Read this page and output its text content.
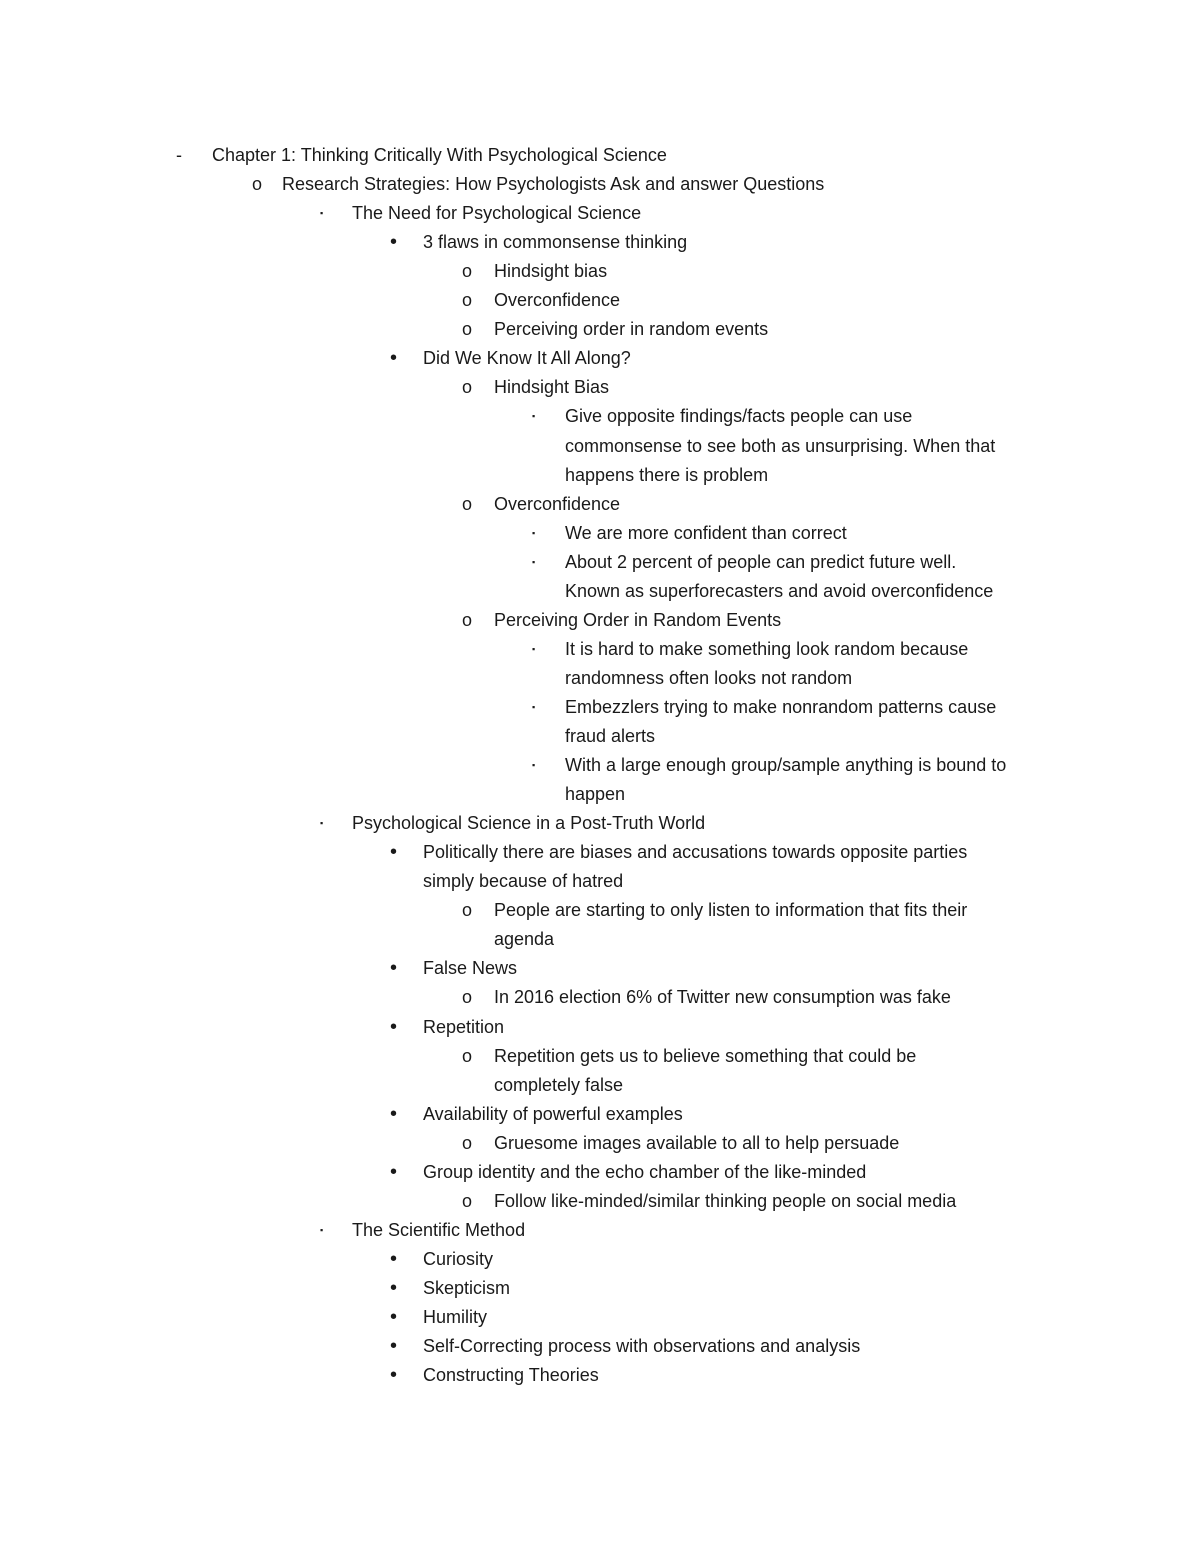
- Chapter 1: Thinking Critically With Psychological Science
o Research Strategies: How Psychologists Ask and answer Questions
▪ The Need for Psychological Science
• 3 flaws in commonsense thinking
o Hindsight bias
o Overconfidence
o Perceiving order in random events
• Did We Know It All Along?
o Hindsight Bias
▪ Give opposite findings/facts people can use
commonsense to see both as unsurprising. When that
happens there is problem
o Overconfidence
▪ We are more confident than correct
▪ About 2 percent of people can predict future well.
Known as superforecasters and avoid overconfidence
o Perceiving Order in Random Events
▪ It is hard to make something look random because
randomness often looks not random
▪ Embezzlers trying to make nonrandom patterns cause
fraud alerts
▪ With a large enough group/sample anything is bound to
happen
▪ Psychological Science in a Post-Truth World
• Politically there are biases and accusations towards opposite parties
simply because of hatred
o People are starting to only listen to information that fits their
agenda
• False News
o In 2016 election 6% of Twitter new consumption was fake
• Repetition
o Repetition gets us to believe something that could be
completely false
• Availability of powerful examples
o Gruesome images available to all to help persuade
• Group identity and the echo chamber of the like-minded
o Follow like-minded/similar thinking people on social media
▪ The Scientific Method
• Curiosity
• Skepticism
• Humility
• Self-Correcting process with observations and analysis
• Constructing Theories
